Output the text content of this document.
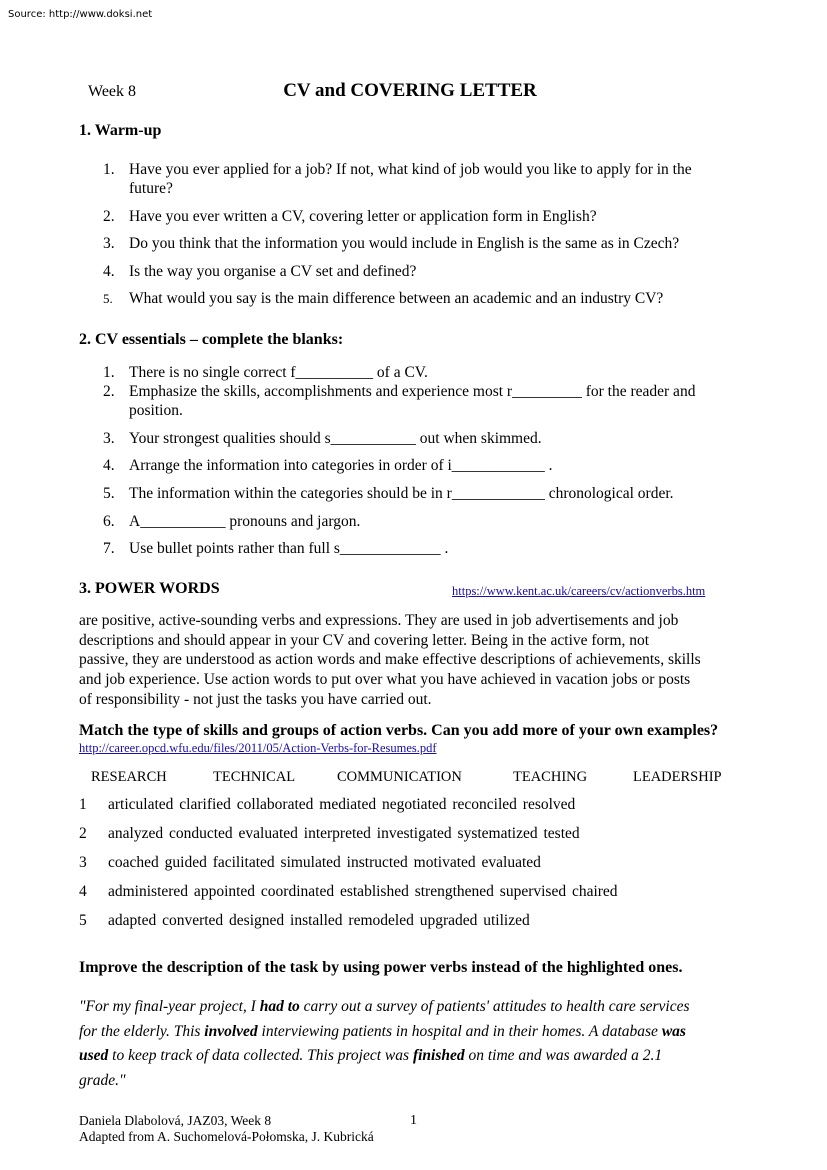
Source: http://www.doksi.net
Week 8	CV and COVERING LETTER
1. Warm-up
1. Have you ever applied for a job? If not, what kind of job would you like to apply for in the
future?
2. Have you ever written a CV, covering letter or application form in English?
3. Do you think that the information you would include in English is the same as in Czech?
4. Is the way you organise a CV set and defined?
5.	What would you say is the main difference between an academic and an industry CV?
2. CV essentials – complete the blanks:
1. There is no single correct f__________ of a CV.
2. Emphasize the skills, accomplishments and experience most r_________ for the reader and
position.
3. Your strongest qualities should s___________ out when skimmed.
4. Arrange the information into categories in order of i____________ .
5. The information within the categories should be in r____________ chronological order.
6. A___________ pronouns and jargon.
7. Use bullet points rather than full s_____________ .
3. POWER WORDS	https://www.kent.ac.uk/careers/cv/actionverbs.htm
are positive, active-sounding verbs and expressions. They are used in job advertisements and job
descriptions and should appear in your CV and covering letter. Being in the active form, not
passive, they are understood as action words and make effective descriptions of achievements, skills
and job experience. Use action words to put over what you have achieved in vacation jobs or posts
of responsibility - not just the tasks you have carried out.
Match the type of skills and groups of action verbs. Can you add more of your own examples?
http://career.opcd.wfu.edu/files/2011/05/Action-Verbs-for-Resumes.pdf
RESEARCH	TECHNICAL	COMMUNICATION	TEACHING	LEADERSHIP
1 articulated clarified collaborated mediated negotiated reconciled resolved
2 analyzed conducted evaluated interpreted investigated systematized tested
3 coached guided facilitated simulated instructed motivated evaluated
4 administered appointed coordinated established strengthened supervised chaired
5 adapted converted designed installed remodeled upgraded utilized
Improve the description of the task by using power verbs instead of the highlighted ones.
"For my final-year project, I had to carry out a survey of patients' attitudes to health care services
for the elderly. This involved interviewing patients in hospital and in their homes. A database was
used to keep track of data collected. This project was finished on time and was awarded a 2.1
grade."
Daniela Dlabolová, JAZ03, Week 8
Adapted from A. Suchomelová-Połomska, J. Kubrická
1
